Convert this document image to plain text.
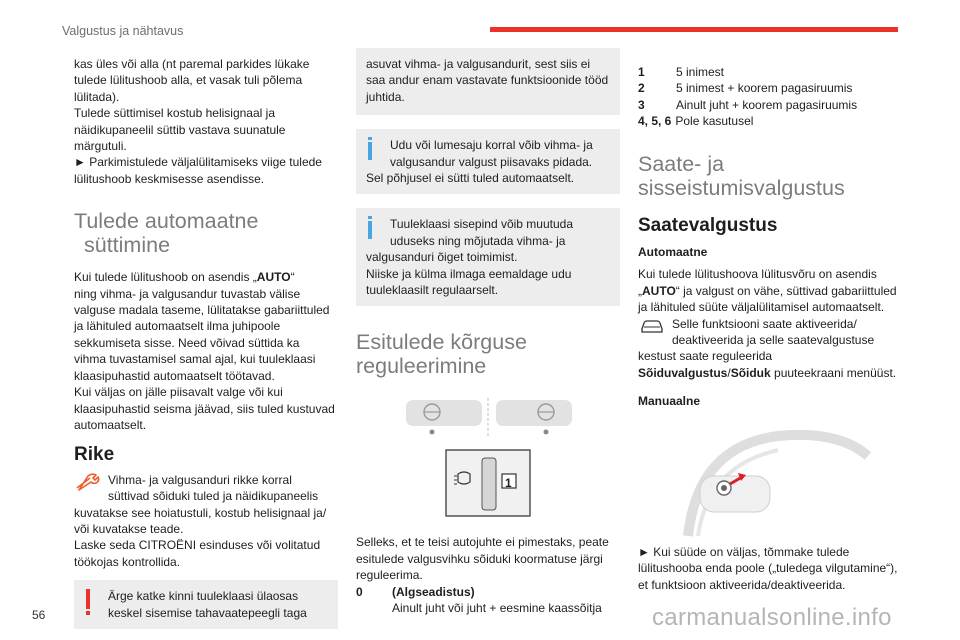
Valgustus ja nähtavus

kas üles või alla (nt paremal parkides lükake

tulede lülitushoob alla, et vasak tuli põlema

lülitada).

Tulede süttimisel kostub helisignaal ja

näidikupaneelil süttib vastava suunatule

märgutuli.

► Parkimistulede väljalülitamiseks viige tulede

lülitushoob keskmisesse asendisse.

Tulede automaatne
süttimine

Kui tulede lülitushoob on asendis „AUTO“

ning vihma- ja valgusandur tuvastab välise

valguse madala taseme, lülitatakse gabariittuled

ja lähituled automaatselt ilma juhipoole

sekkumiseta sisse. Need võivad süttida ka

vihma tuvastamisel samal ajal, kui tuuleklaasi

klaasipuhastid automaatselt töötavad.

Kui väljas on jälle piisavalt valge või kui

klaasipuhastid seisma jäävad, siis tuled kustuvad

automaatselt.

Rike

Vihma- ja valgusanduri rikke korral

süttivad sõiduki tuled ja näidikupaneelis

kuvatakse see hoiatustuli, kostub helisignaal ja/

või kuvatakse teade.

Laske seda CITROËNI esinduses või volitatud

töökojas kontrollida.

Ärge katke kinni tuuleklaasi ülaosas

keskel sisemise tahavaatepeegli taga

asuvat vihma- ja valgusandurit, sest siis ei

saa andur enam vastavate funktsioonide tööd

juhtida.

Udu või lumesaju korral võib vihma- ja

valgusandur valgust piisavaks pidada.

Sel põhjusel ei sütti tuled automaatselt.

Tuuleklaasi sisepind võib muutuda

uduseks ning mõjutada vihma- ja

valgusanduri õiget toimimist.

Niiske ja külma ilmaga eemaldage udu

tuuleklaasilt regulaarselt.

Esitulede kõrguse
reguleerimine
1

Selleks, et te teisi autojuhte ei pimestaks, peate

esitulede valgusvihku sõiduki koormatuse järgi

reguleerima.

0	(Algseadistus)

Ainult juht või juht + eesmine kaassõitja

1	5 inimest
2	5 inimest + koorem pagasiruumis
3	Ainult juht + koorem pagasiruumis
4, 5, 6 Pole kasutusel
Saate- ja
sisseistumisvalgustus
Saatevalgustus
Automaatne

Kui tulede lülitushoova lülitusvõru on asendis

„AUTO“ ja valgust on vähe, süttivad gabariittuled

ja lähituled süüte väljalülitamisel automaatselt.

Selle funktsiooni saate aktiveerida/

deaktiveerida ja selle saatevalgustuse

kestust saate reguleerida

Sõiduvalgustus/Sõiduk puuteekraani menüüst.

Manuaalne

► Kui süüde on väljas, tõmmake tulede

lülitushooba enda poole („tuledega vilgutamine“),

et funktsioon aktiveerida/deaktiveerida.

56	carmanualsonline.info
